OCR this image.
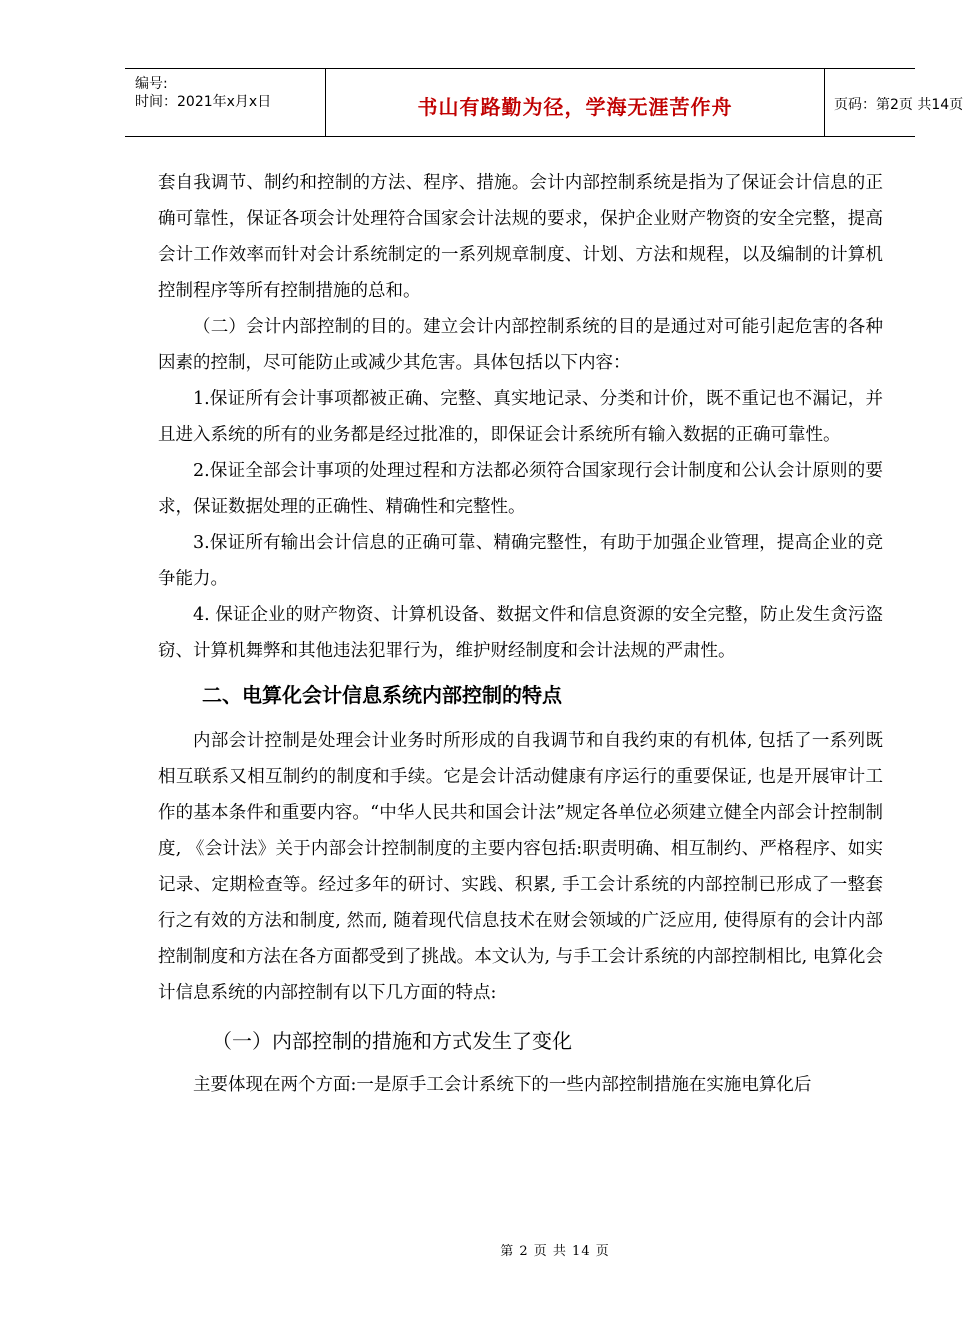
编号:
时间：2021年x月x日	书山有路勤为径，学海无涯苦作舟	页码：第2页 共14页

套自我调节、制约和控制的方法、程序、措施。会计内部控制系统是指为了保证会计信息的正确可靠性，保证各项会计处理符合国家会计法规的要求，保护企业财产物资的安全完整，提高会计工作效率而针对会计系统制定的一系列规章制度、计划、方法和规程，以及编制的计算机控制程序等所有控制措施的总和。

（二）会计内部控制的目的。建立会计内部控制系统的目的是通过对可能引起危害的各种因素的控制，尽可能防止或减少其危害。具体包括以下内容：

1.保证所有会计事项都被正确、完整、真实地记录、分类和计价，既不重记也不漏记，并且进入系统的所有的业务都是经过批准的，即保证会计系统所有输入数据的正确可靠性。

2.保证全部会计事项的处理过程和方法都必须符合国家现行会计制度和公认会计原则的要求，保证数据处理的正确性、精确性和完整性。

3.保证所有输出会计信息的正确可靠、精确完整性，有助于加强企业管理，提高企业的竞争能力。

4. 保证企业的财产物资、计算机设备、数据文件和信息资源的安全完整，防止发生贪污盗窃、计算机舞弊和其他违法犯罪行为，维护财经制度和会计法规的严肃性。

二、电算化会计信息系统内部控制的特点

内部会计控制是处理会计业务时所形成的自我调节和自我约束的有机体, 包括了一系列既相互联系又相互制约的制度和手续。它是会计活动健康有序运行的重要保证, 也是开展审计工作的基本条件和重要内容。“中华人民共和国会计法”规定各单位必须建立健全内部会计控制制度, 《会计法》关于内部会计控制制度的主要内容包括:职责明确、相互制约、严格程序、如实记录、定期检查等。经过多年的研讨、实践、积累, 手工会计系统的内部控制已形成了一整套行之有效的方法和制度, 然而, 随着现代信息技术在财会领域的广泛应用, 使得原有的会计内部控制制度和方法在各方面都受到了挑战。本文认为, 与手工会计系统的内部控制相比, 电算化会计信息系统的内部控制有以下几方面的特点:

（一）内部控制的措施和方式发生了变化

主要体现在两个方面:一是原手工会计系统下的一些内部控制措施在实施电算化后

第 2 页 共 14 页
